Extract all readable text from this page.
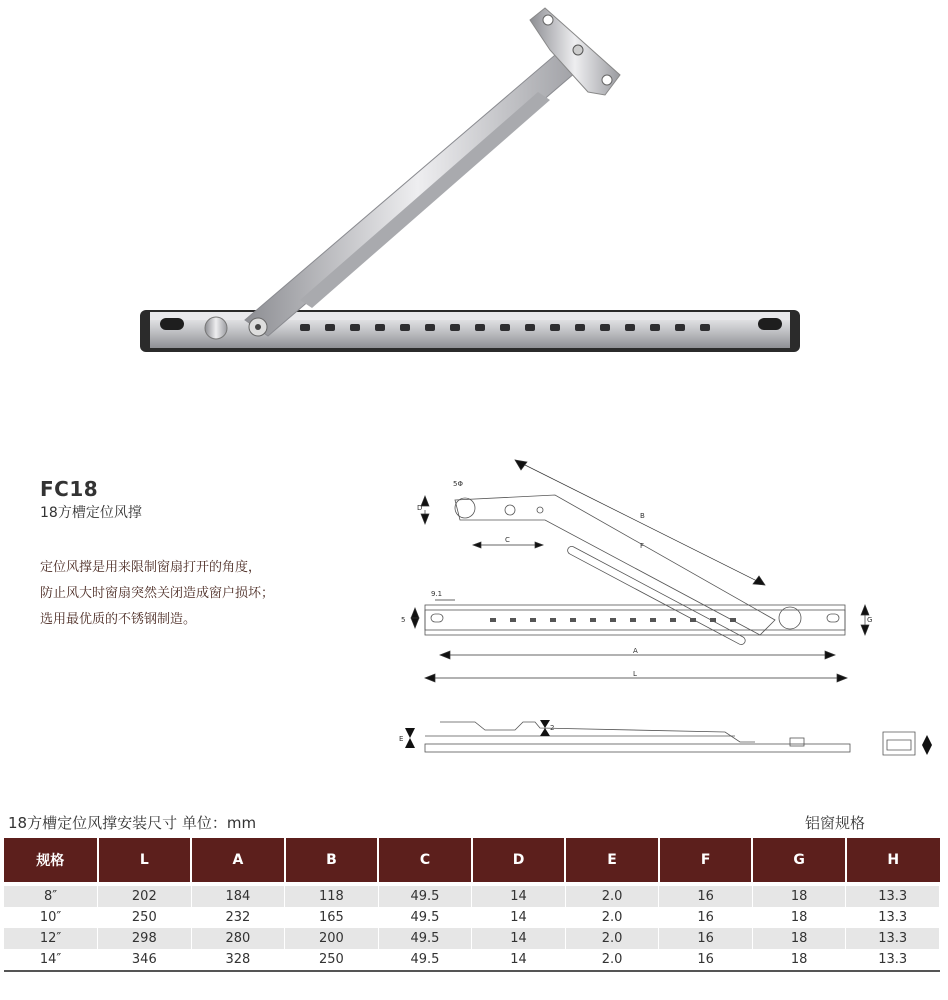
FC18
18方槽定位风撑
定位风撑是用来限制窗扇打开的角度，
防止风大时窗扇突然关闭造成窗户损坏；
选用最优质的不锈钢制造。
5Φ
D
C
B
F
9.1
5	G
A
L
E
2
18方槽定位风撑安装尺寸 单位：mm	铝窗规格
规格	L	A	B	C	D	E	F	G	H
8″	202	184	118	49.5	14	2.0	16	18	13.3
10″	250	232	165	49.5	14	2.0	16	18	13.3
12″	298	280	200	49.5	14	2.0	16	18	13.3
14″	346	328	250	49.5	14	2.0	16	18	13.3
